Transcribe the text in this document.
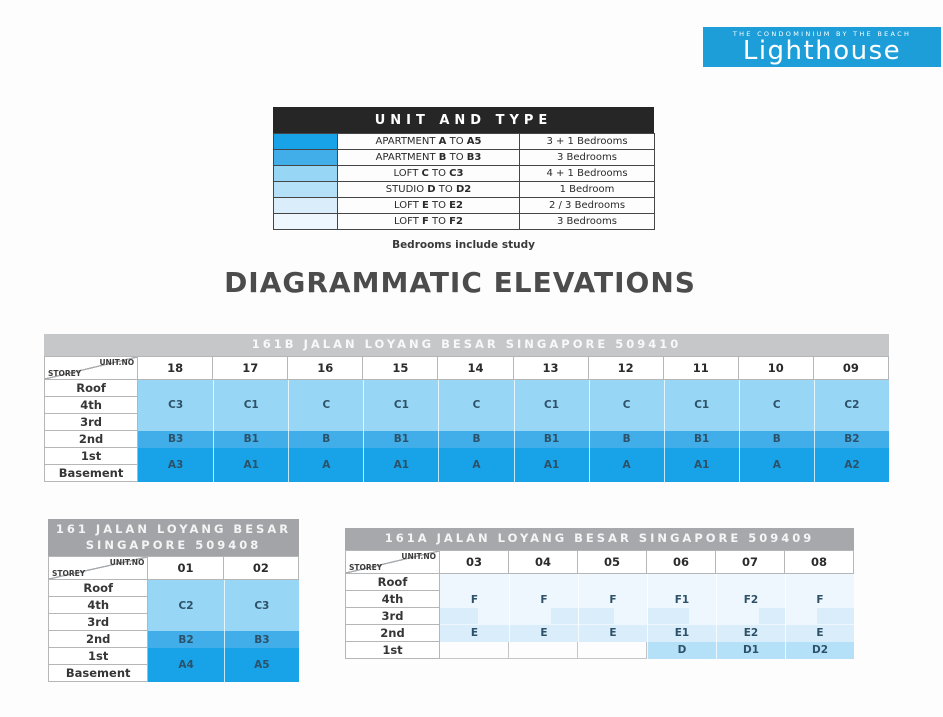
THE CONDOMINIUM BY THE BEACH
Lighthouse
UNIT AND TYPE
	APARTMENT A TO A5	3 + 1 Bedrooms
	APARTMENT B TO B3	3 Bedrooms
	LOFT C TO C3	4 + 1 Bedrooms
	STUDIO D TO D2	1 Bedroom
	LOFT E TO E2	2 / 3 Bedrooms
	LOFT F TO F2	3 Bedrooms
Bedrooms include study
DIAGRAMMATIC ELEVATIONS
161B JALAN LOYANG BESAR SINGAPORE 509410
UNIT.NO
STOREY	18	17	16	15	14	13	12	11	10	09
Roof	C3	C1	C	C1	C	C1	C	C1	C	C2
4th										
3rd										
2nd	B3	B1	B	B1	B	B1	B	B1	B	B2
1st	A3	A1	A	A1	A	A1	A	A1	A	A2
Basement										
161 JALAN LOYANG BESAR
SINGAPORE 509408
UNIT.NO
STOREY	01	02
Roof	C2	C3
4th		
3rd		
2nd	B2	B3
1st	A4	A5
Basement		
161A JALAN LOYANG BESAR SINGAPORE 509409
UNIT.NO
STOREY	03	04	05	06	07	08
Roof	F	F	F	F1	F2	F

4th						
3rd	

2nd	E	E	E	E1	E2	E
1st				D	D1	D2
